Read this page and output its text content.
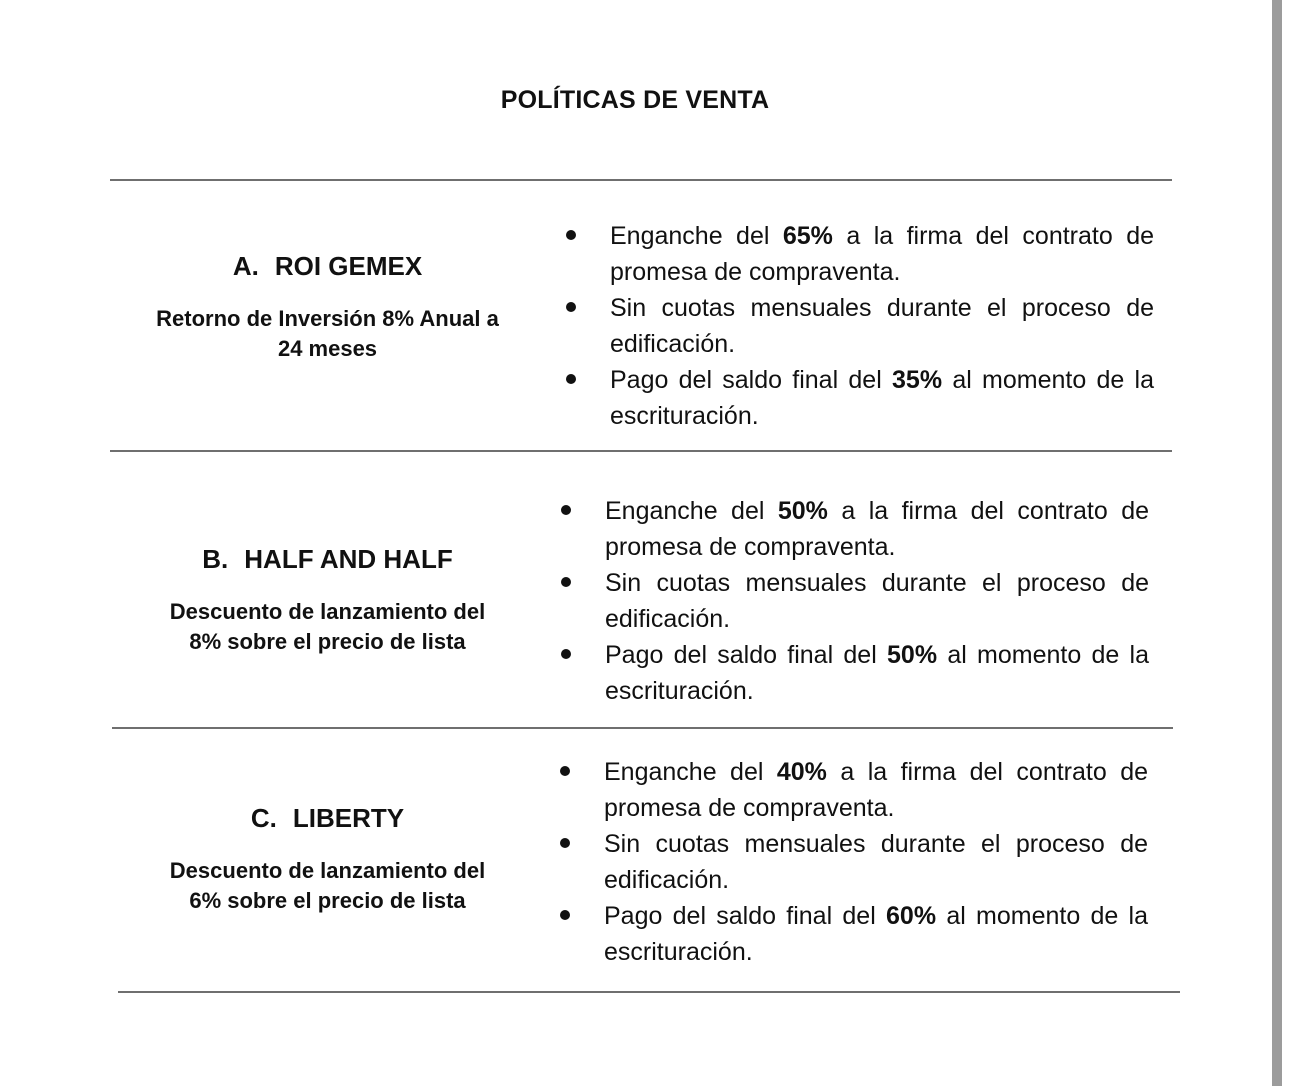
POLÍTICAS DE VENTA
A. ROI GEMEX
Retorno de Inversión 8% Anual a
24 meses
Enganche del 65% a la firma del contrato de promesa de compraventa.
Sin cuotas mensuales durante el proceso de edificación.
Pago del saldo final del 35% al momento de la escrituración.
B. HALF AND HALF
Descuento de lanzamiento del
8% sobre el precio de lista
Enganche del 50% a la firma del contrato de promesa de compraventa.
Sin cuotas mensuales durante el proceso de edificación.
Pago del saldo final del 50% al momento de la escrituración.
C. LIBERTY
Descuento de lanzamiento del
6% sobre el precio de lista
Enganche del 40% a la firma del contrato de promesa de compraventa.
Sin cuotas mensuales durante el proceso de edificación.
Pago del saldo final del 60% al momento de la escrituración.
